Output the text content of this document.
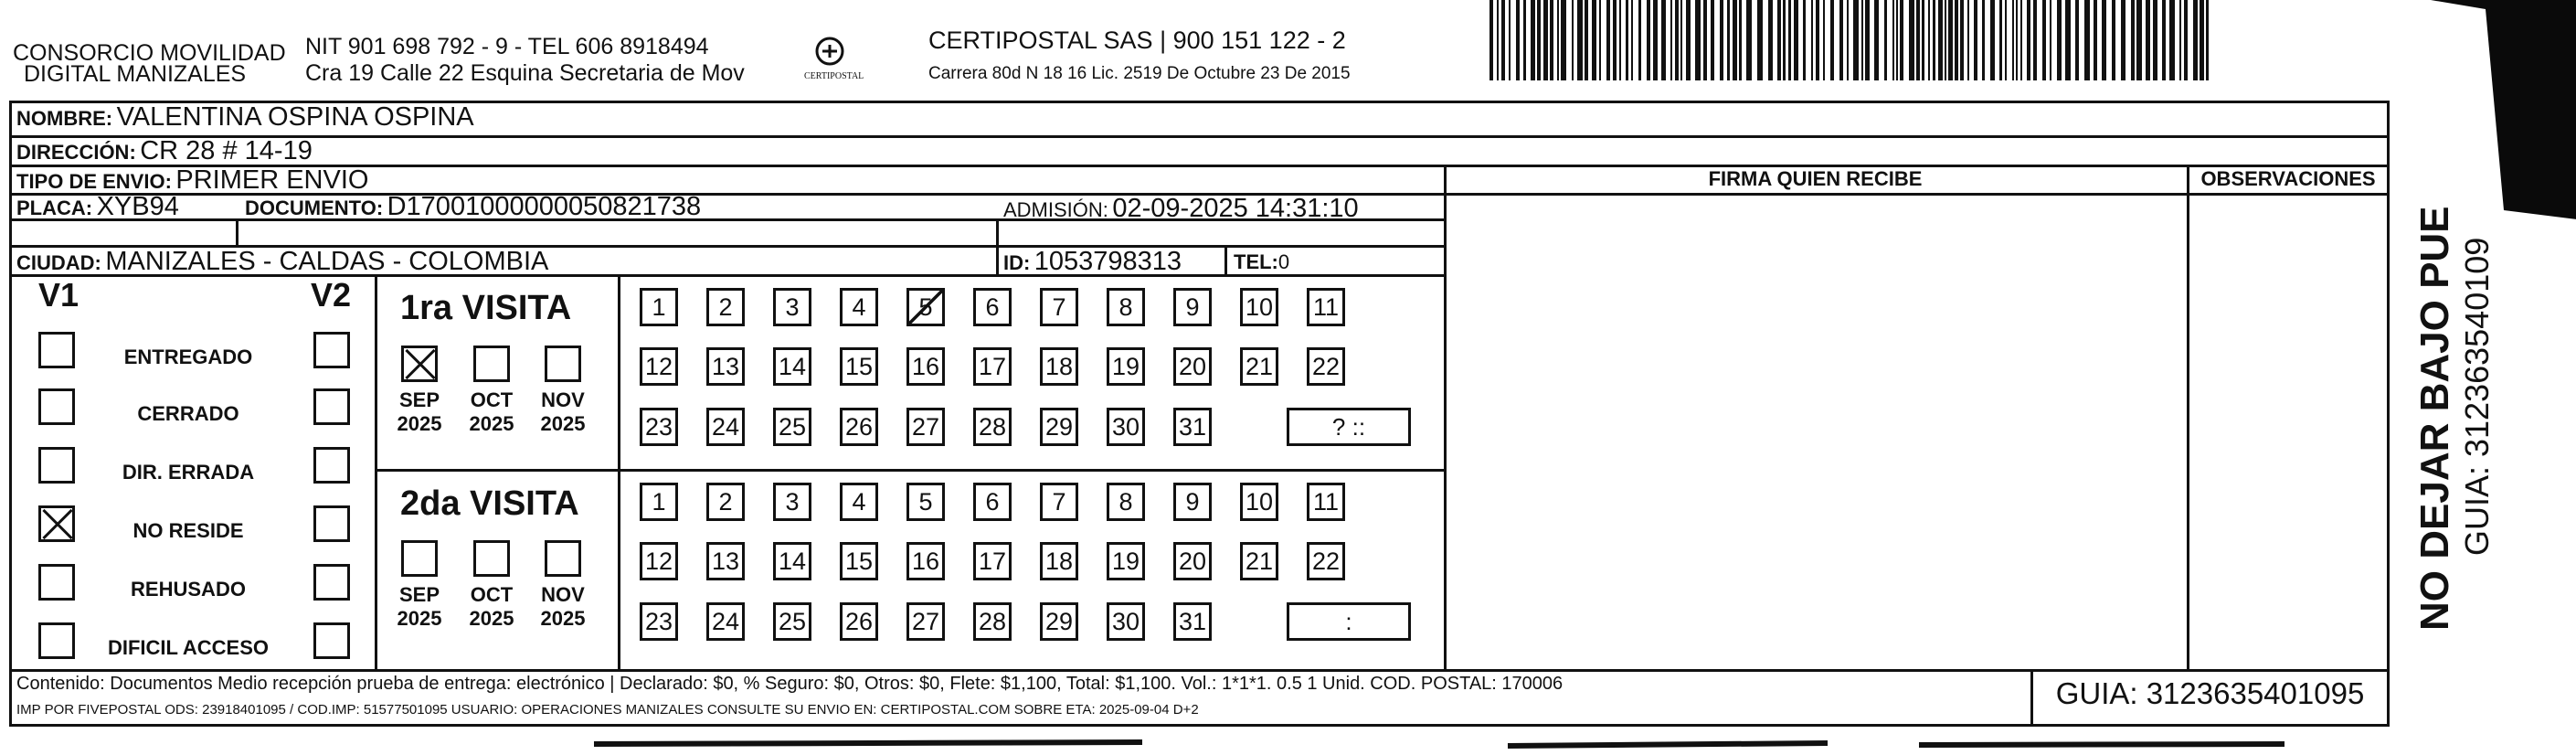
CONSORCIO MOVILIDAD
DIGITAL MANIZALES
NIT 901 698 792 - 9 - TEL 606 8918494
Cra 19 Calle 22 Esquina Secretaria de Mov	CERTIPOSTAL
CERTIPOSTAL SAS | 900 151 122 - 2
Carrera 80d N 18 16 Lic. 2519 De Octubre 23 De 2015
NOMBRE: VALENTINA OSPINA OSPINA
DIRECCIÓN: CR 28 # 14-19
TIPO DE ENVIO: PRIMER ENVIO
PLACA: XYB94	DOCUMENTO: D17001000000050821738	ADMISIÓN: 02-09-2025 14:31:10
CIUDAD: MANIZALES - CALDAS - COLOMBIA	ID: 1053798313	TEL:0
FIRMA QUIEN RECIBE	OBSERVACIONES
V1	V2
ENTREGADO
CERRADO
DIR. ERRADA
NO RESIDE
REHUSADO
DIFICIL ACCESO
1ra VISITA
2da VISITA
SEP
2025
OCT
2025
NOV
2025
1	2	3	4	5	6	7	8	9	10 11
12 13 14 15 16 17 18 19 20 21 22
23 24 25 26 27 28 29 30 31	? ::
SEP
2025
OCT
2025
NOV
2025
1	2	3	4	5	6	7	8	9	10 11
12 13 14 15 16 17 18 19 20 21 22
23 24 25 26 27 28 29 30 31	:	NO DEJAR BAJO PUE GUIA: 312363540109
Contenido: Documentos Medio recepción prueba de entrega: electrónico | Declarado: $0, % Seguro: $0, Otros: $0, Flete: $1,100, Total: $1,100. Vol.: 1*1*1. 0.5 1 Unid. COD. POSTAL: 170006
IMP POR FIVEPOSTAL ODS: 23918401095 / COD.IMP: 51577501095 USUARIO: OPERACIONES MANIZALES CONSULTE SU ENVIO EN: CERTIPOSTAL.COM SOBRE ETA: 2025-09-04 D+2	GUIA: 3123635401095
